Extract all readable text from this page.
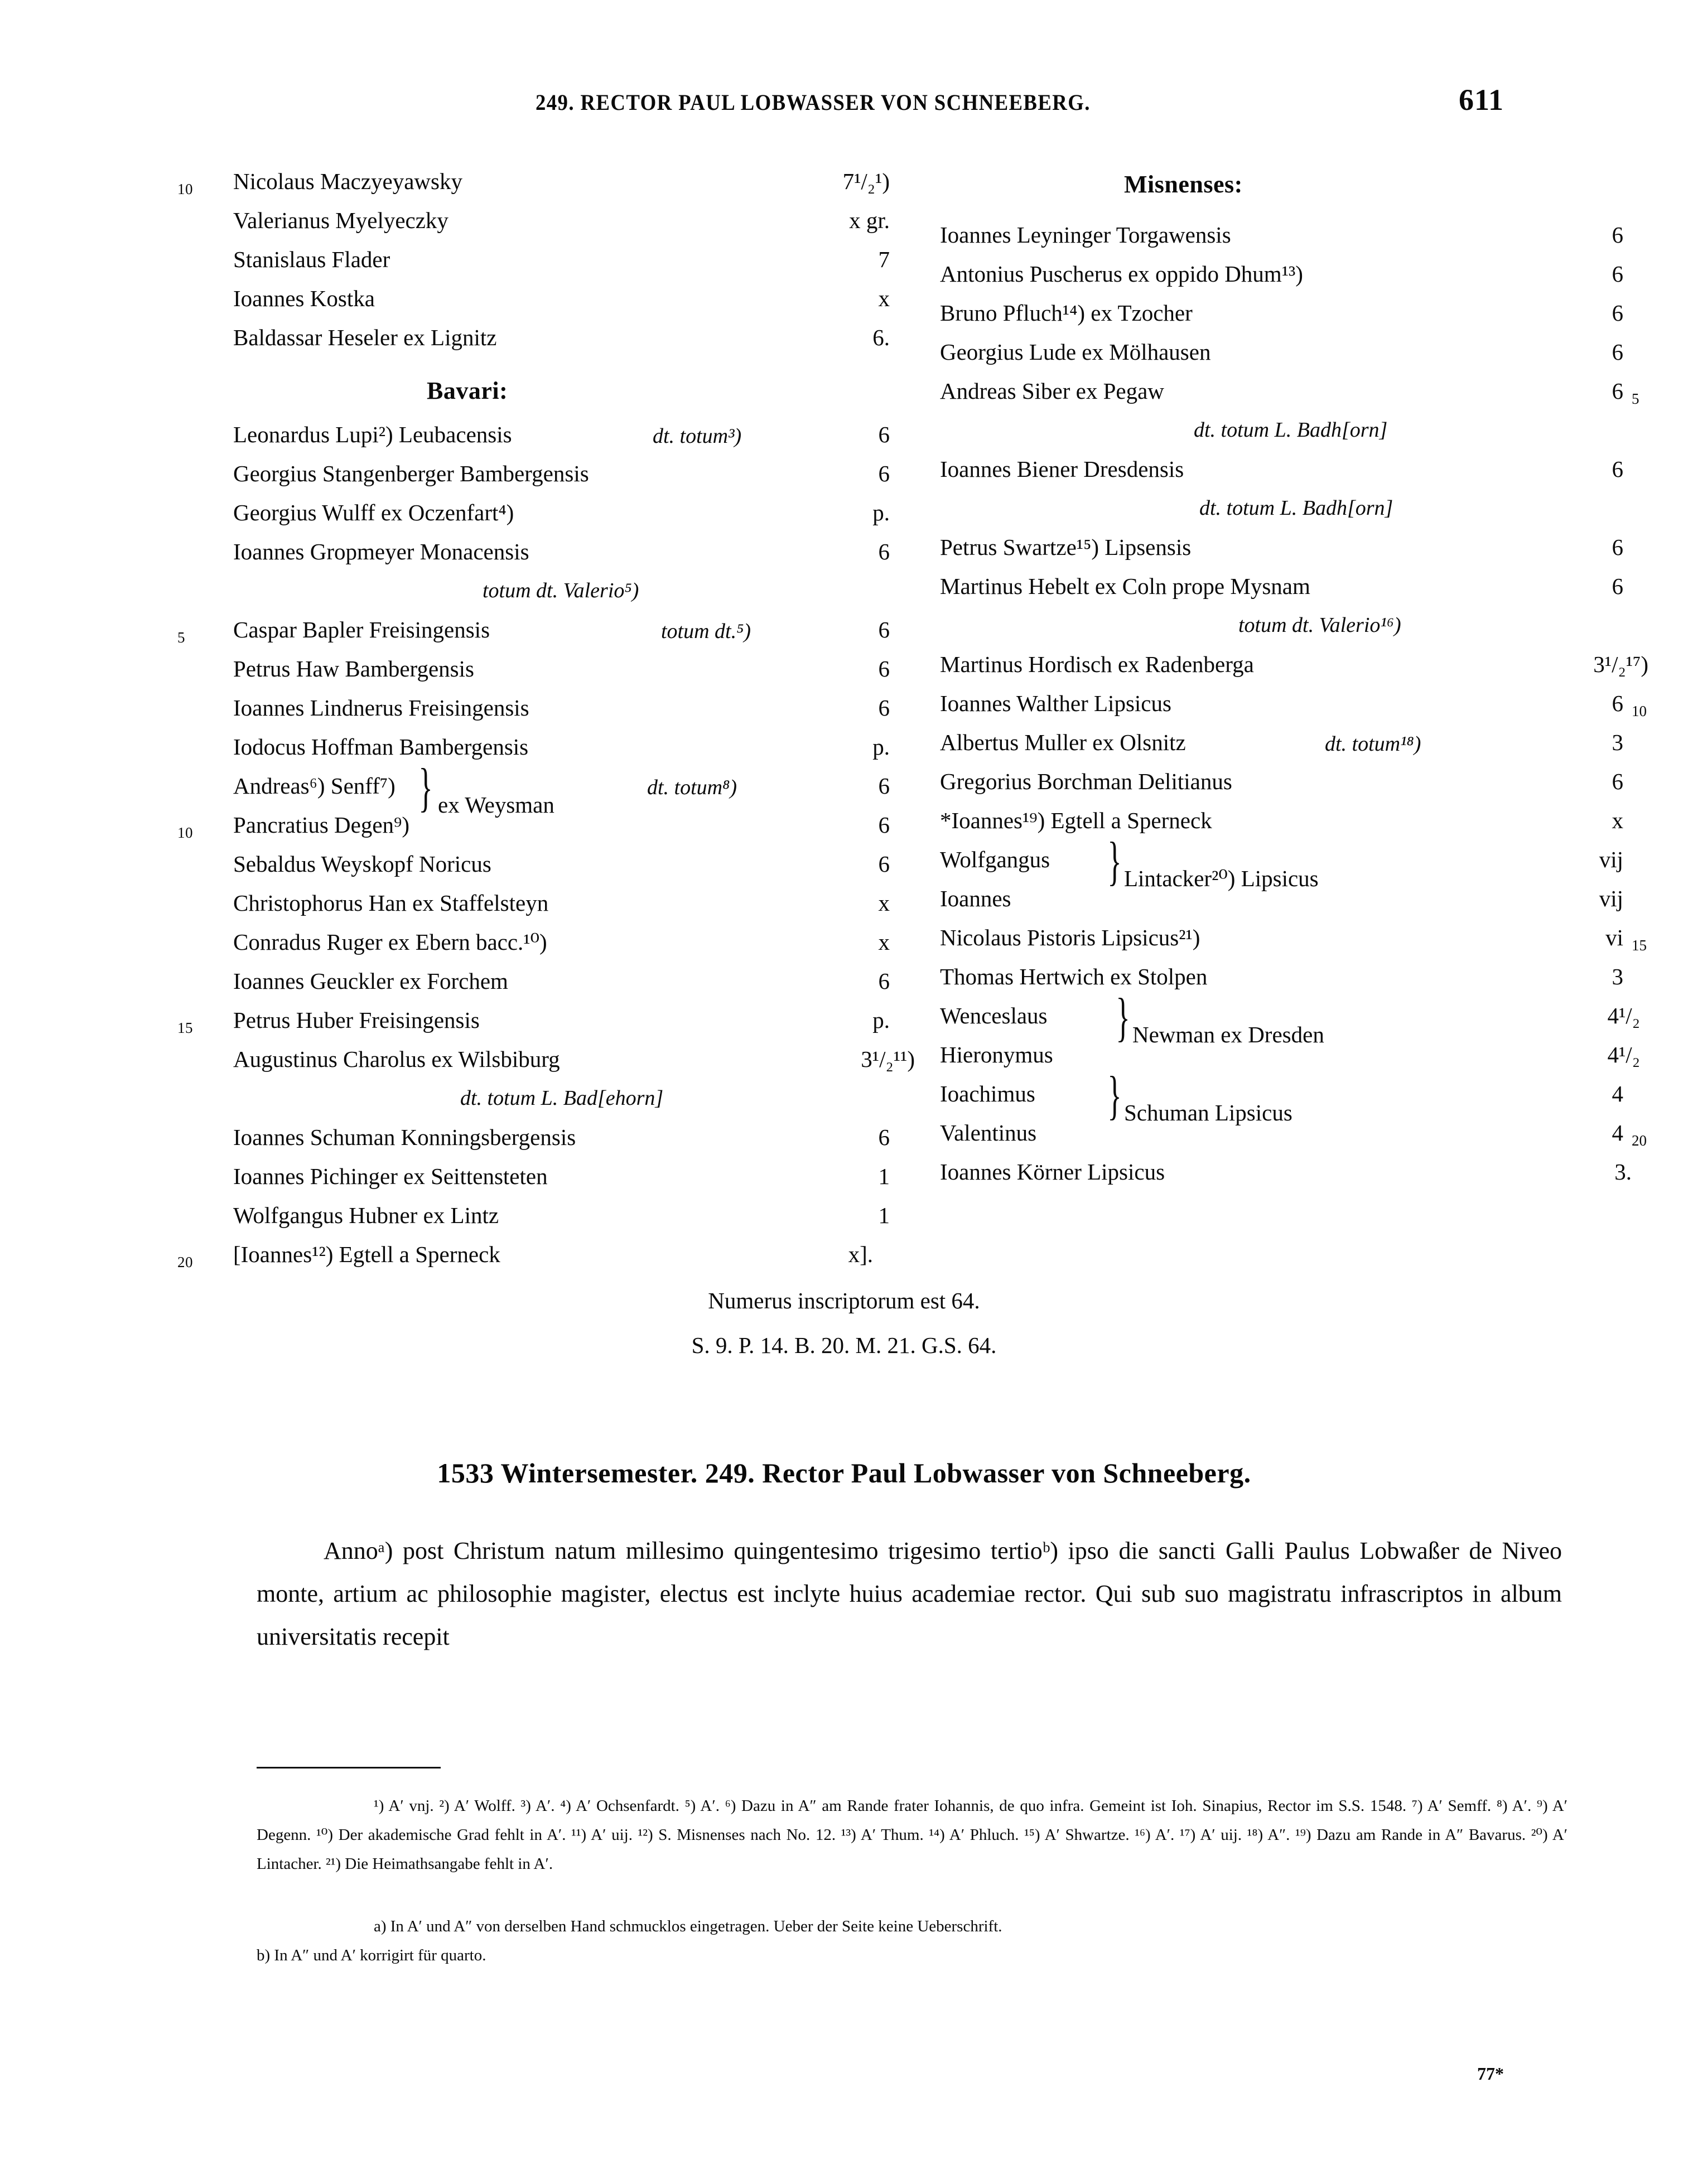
249. RECTOR PAUL LOBWASSER VON SCHNEEBERG.	611
10 Nicolaus Maczyeyawsky	7¹/₂¹)
Valerianus Myelyeczky	x gr.
Stanislaus Flader	7
Ioannes Kostka	x
Baldassar Heseler ex Lignitz	6.
Bavari:
Leonardus Lupi²) Leubacensis	dt. totum³)	6
Georgius Stangenberger Bambergensis	6
Georgius Wulff ex Oczenfart⁴)	p.
Ioannes Gropmeyer Monacensis	6
totum dt. Valerio⁵)
5 Caspar Bapler Freisingensis	totum dt.⁵)	6
Petrus Haw Bambergensis	6
Ioannes Lindnerus Freisingensis	6
Iodocus Hoffman Bambergensis	p.
Andreas⁶) Senff⁷)	dt. totum⁸)	6
10 Pancratius Degen⁹)	6
} ex Weysman
Sebaldus Weyskopf Noricus	6
Christophorus Han ex Staffelsteyn	x
Conradus Ruger ex Ebern bacc.¹⁰)	x
Ioannes Geuckler ex Forchem	6
15 Petrus Huber Freisingensis	p.
Augustinus Charolus ex Wilsbiburg	3¹/₂¹¹)
dt. totum L. Bad[ehorn]
Ioannes Schuman Konningsbergensis	6
Ioannes Pichinger ex Seittensteten	1
Wolfgangus Hubner ex Lintz	1
20 [Ioannes¹²) Egtell a Sperneck	x].
Misnenses:
Ioannes Leyninger Torgawensis	6
Antonius Puscherus ex oppido Dhum¹³)	6
Bruno Pfluch¹⁴) ex Tzocher	6
Georgius Lude ex Mölhausen	6
Andreas Siber ex Pegaw	6 5
dt. totum L. Badh[orn]
Ioannes Biener Dresdensis	6
dt. totum L. Badh[orn]
Petrus Swartze¹⁵) Lipsensis	6
Martinus Hebelt ex Coln prope Mysnam	6
totum dt. Valerio¹⁶)
Martinus Hordisch ex Radenberga	3¹/₂¹⁷)
Ioannes Walther Lipsicus	6 10
Albertus Muller ex Olsnitz	dt. totum¹⁸)	3
Gregorius Borchman Delitianus	6
*Ioannes¹⁹) Egtell a Sperneck	x
Wolfgangus	vij
Ioannes	vij
} Lintacker²⁰) Lipsicus
Nicolaus Pistoris Lipsicus²¹)	vi 15
Thomas Hertwich ex Stolpen	3
Wenceslaus	4¹/₂
Hieronymus	4¹/₂
} Newman ex Dresden
Ioachimus	4
Valentinus	4 20
} Schuman Lipsicus
Ioannes Körner Lipsicus	3.
Numerus inscriptorum est 64.
S. 9. P. 14. B. 20. M. 21. G.S. 64.
1533 Wintersemester. 249. Rector Paul Lobwasser von Schneeberg.
Annoᵃ) post Christum natum millesimo quingentesimo trigesimo tertioᵇ) ipso die sancti Galli Paulus Lobwaßer de Niveo monte, artium ac philosophie magister, electus est inclyte huius academiae rector. Qui sub suo magistratu infrascriptos in album universitatis recepit
¹) A′ vnj. ²) A′ Wolff. ³) A′. ⁴) A′ Ochsenfardt. ⁵) A′. ⁶) Dazu in A″ am Rande frater Iohannis, de quo infra. Gemeint ist Ioh. Sinapius, Rector im S.S. 1548. ⁷) A′ Semff. ⁸) A′. ⁹) A′ Degenn. ¹⁰) Der akademische Grad fehlt in A′. ¹¹) A′ uij. ¹²) S. Misnenses nach No. 12. ¹³) A′ Thum. ¹⁴) A′ Phluch. ¹⁵) A′ Shwartze. ¹⁶) A′. ¹⁷) A′ uij. ¹⁸) A″. ¹⁹) Dazu am Rande in A″ Bavarus. ²⁰) A′ Lintacher. ²¹) Die Heimathsangabe fehlt in A′.
a) In A′ und A″ von derselben Hand schmucklos eingetragen. Ueber der Seite keine Ueberschrift.
b) In A″ und A′ korrigirt für quarto.
77*
